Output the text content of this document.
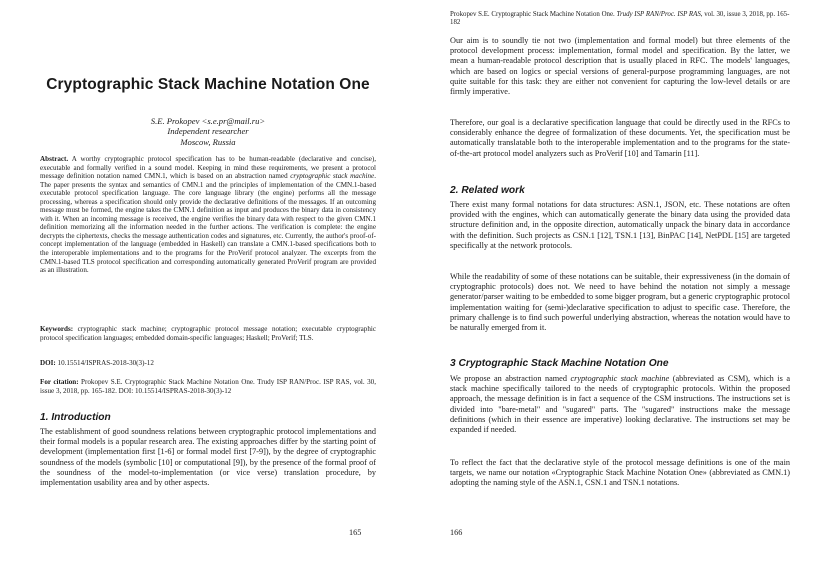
Cryptographic Stack Machine Notation One
S.E. Prokopev <s.e.pr@mail.ru>
Independent researcher
Moscow, Russia

Abstract. A worthy cryptographic protocol specification has to be human-readable (declarative and concise), executable and formally verified in a sound model. Keeping in mind these requirements, we present a protocol message definition notation named CMN.1, which is based on an abstraction named cryptographic stack machine. The paper presents the syntax and semantics of CMN.1 and the principles of implementation of the CMN.1-based executable protocol specification language. The core language library (the engine) performs all the message processing, whereas a specification should only provide the declarative definitions of the messages. If an outcoming message must be formed, the engine takes the CMN.1 definition as input and produces the binary data in consistency with it. When an incoming message is received, the engine verifies the binary data with respect to the given CMN.1 definition memorizing all the information needed in the further actions. The verification is complete: the engine decrypts the ciphertexts, checks the message authentication codes and signatures, etc. Currently, the author's proof-of-concept implementation of the language (embedded in Haskell) can translate a CMN.1-based specifications both to the interoperable implementations and to the programs for the ProVerif protocol analyzer. The excerpts from the CMN.1-based TLS protocol specification and corresponding automatically generated ProVerif program are provided as an illustration.

Keywords: cryptographic stack machine; cryptographic protocol message notation; executable cryptographic protocol specification languages; embedded domain-specific languages; Haskell; ProVerif; TLS.

DOI: 10.15514/ISPRAS-2018-30(3)-12

For citation: Prokopev S.E. Cryptographic Stack Machine Notation One. Trudy ISP RAN/Proc. ISP RAS, vol. 30, issue 3, 2018, pp. 165-182. DOI: 10.15514/ISPRAS-2018-30(3)-12

1. Introduction

The establishment of good soundness relations between cryptographic protocol implementations and their formal models is a popular research area. The existing approaches differ by the starting point of development (implementation first [1-6] or formal model first [7-9]), by the degree of cryptographic soundness of the models (symbolic [10] or computational [9]), by the presence of the formal proof of the soundness of the model-to-implementation (or vice verse) translation procedure, by implementation usability area and by other aspects.

165

Prokopev S.E. Cryptographic Stack Machine Notation One. Trudy ISP RAN/Proc. ISP RAS, vol. 30, issue 3, 2018, pp. 165-182

Our aim is to soundly tie not two (implementation and formal model) but three elements of the protocol development process: implementation, formal model and specification. By the latter, we mean a human-readable protocol description that is usually placed in RFC. The models' languages, which are based on logics or special versions of general-purpose programming languages, are not quite suitable for this task: they are either not convenient for capturing the low-level details or are firmly imperative.

Therefore, our goal is a declarative specification language that could be directly used in the RFCs to considerably enhance the degree of formalization of these documents. Yet, the specification must be automatically translatable both to the interoperable implementation and to the programs for the state-of-the-art protocol model analyzers such as ProVerif [10] and Tamarin [11].

2. Related work

There exist many formal notations for data structures: ASN.1, JSON, etc. These notations are often provided with the engines, which can automatically generate the binary data using the provided data structure definition and, in the opposite direction, automatically unpack the binary data in accordance with the definition. Such projects as CSN.1 [12], TSN.1 [13], BinPAC [14], NetPDL [15] are targeted specifically at the network protocols.

While the readability of some of these notations can be suitable, their expressiveness (in the domain of cryptographic protocols) does not. We need to have behind the notation not simply a message generator/parser waiting to be embedded to some bigger program, but a generic cryptographic protocol implementation waiting for (semi-)declarative specification to adjust to specific case. Therefore, the primary challenge is to find such powerful underlying abstraction, whereas the notation would have to be naturally emerged from it.

3 Cryptographic Stack Machine Notation One

We propose an abstraction named cryptographic stack machine (abbreviated as CSM), which is a stack machine specifically tailored to the needs of cryptographic protocols. Within the proposed approach, the message definition is in fact a sequence of the CSM instructions. The instructions set is divided into "bare-metal" and "sugared" parts. The "sugared" instructions make the message definitions (which in their essence are imperative) looking declarative. The instructions set may be expanded if needed.

To reflect the fact that the declarative style of the protocol message definitions is one of the main targets, we name our notation «Cryptographic Stack Machine Notation One» (abbreviated as CMN.1) adopting the naming style of the ASN.1, CSN.1 and TSN.1 notations.

166
